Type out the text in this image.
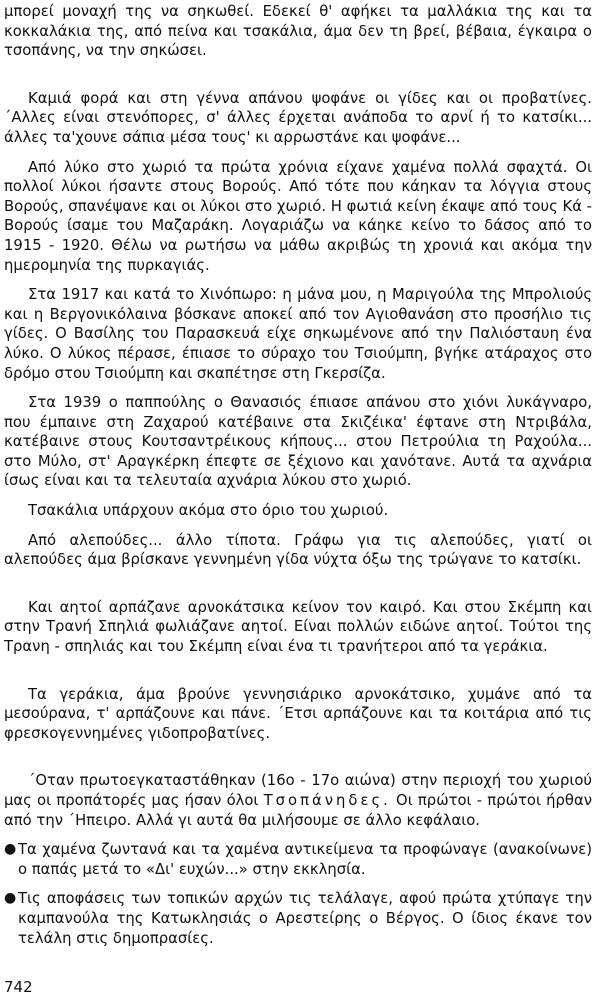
μπορεί μοναχή της να σηκωθεί. Εδεκεί θ' αφήκει τα μαλλάκια της και τα κοκκαλάκια της, από πείνα και τσακάλια, άμα δεν τη βρεί, βέβαια, έγκαιρα ο τσοπάνης, να την σηκώσει.

Καμιά φορά και στη γέννα απάνου ψοφάνε οι γίδες και οι προβατίνες. ΄Αλλες είναι στενόπορες, σ' άλλες έρχεται ανάποδα το αρνί ή το κατσίκι... άλλες τα'χουνε σάπια μέσα τους' κι αρρωστάνε και ψοφάνε...

Από λύκο στο χωριό τα πρώτα χρόνια είχανε χαμένα πολλά σφαχτά. Οι πολλοί λύκοι ήσαντε στους Βορούς. Από τότε που κάηκαν τα λόγγια στους Βορούς, σπανέψανε και οι λύκοι στο χωριό. Η φωτιά κείνη έκαψε από τους Κά - Βορούς ίσαμε του Μαζαράκη. Λογαριάζω να κάηκε κείνο το δάσος από το 1915 - 1920. Θέλω να ρωτήσω να μάθω ακριβώς τη χρονιά και ακόμα την ημερομηνία της πυρκαγιάς.

Στα 1917 και κατά το Χινόπωρο: η μάνα μου, η Μαριγούλα της Μπρολιούς και η Βεργονικόλαινα βόσκανε αποκεί από τον Αγιοθανάση στο προσήλιο τις γίδες. Ο Βασίλης του Παρασκευά είχε σηκωμένονε από την Παλιόσταυη ένα λύκο. Ο λύκος πέρασε, έπιασε το σύραχο του Τσιούμπη, βγήκε ατάραχος στο δρόμο στου Τσιούμπη και σκαπέτησε στη Γκερσίζα.

Στα 1939 ο παππούλης ο Θανασιός έπιασε απάνου στο χιόνι λυκάγναρο, που έμπαινε στη Ζαχαρού κατέβαινε στα Σκιζέικα' έφτανε στη Ντριβάλα, κατέβαινε στους Κουτσαντρέικους κήπους... στου Πετρούλια τη Ραχούλα... στο Μύλο, στ' Αραγκέρκη έπεφτε σε ξέχιονο και χανότανε. Αυτά τα αχνάρια ίσως είναι και τα τελευταία αχνάρια λύκου στο χωριό.

Τσακάλια υπάρχουν ακόμα στο όριο του χωριού.

Από αλεπούδες... άλλο τίποτα. Γράφω για τις αλεπούδες, γιατί οι αλεπούδες άμα βρίσκανε γεννημένη γίδα νύχτα όξω της τρώγανε το κατσίκι.

Και αητοί αρπάζανε αρνοκάτσικα κείνον τον καιρό. Και στου Σκέμπη και στην Τρανή Σπηλιά φωλιάζανε αητοί. Είναι πολλών ειδώνε αητοί. Τούτοι της Τρανη - σπηλιάς και του Σκέμπη είναι ένα τι τρανήτεροι από τα γεράκια.

Τα γεράκια, άμα βρούνε γεννησιάρικο αρνοκάτσικο, χυμάνε από τα μεσούρανα, τ' αρπάζουνε και πάνε. ΄Ετσι αρπάζουνε και τα κοιτάρια από τις φρεσκογεννημένες γιδοπροβατίνες.

΄Οταν πρωτοεγκαταστάθηκαν (16ο - 17ο αιώνα) στην περιοχή του χωριού μας οι προπάτορές μας ήσαν όλοι Τσοπάνηδες. Οι πρώτοι - πρώτοι ήρθαν από την ΄Ηπειρο. Αλλά γι αυτά θα μιλήσουμε σε άλλο κεφάλαιο.

● Τα χαμένα ζωντανά και τα χαμένα αντικείμενα τα προφώναγε (ανακοίνωνε) ο παπάς μετά το «Δι' ευχών...» στην εκκλησία.
● Τις αποφάσεις των τοπικών αρχών τις τελάλαγε, αφού πρώτα χτύπαγε την καμπανούλα της Κατωκλησιάς ο Αρεστείρης ο Βέργος. Ο ίδιος έκανε τον τελάλη στις δημοπρασίες.
742
